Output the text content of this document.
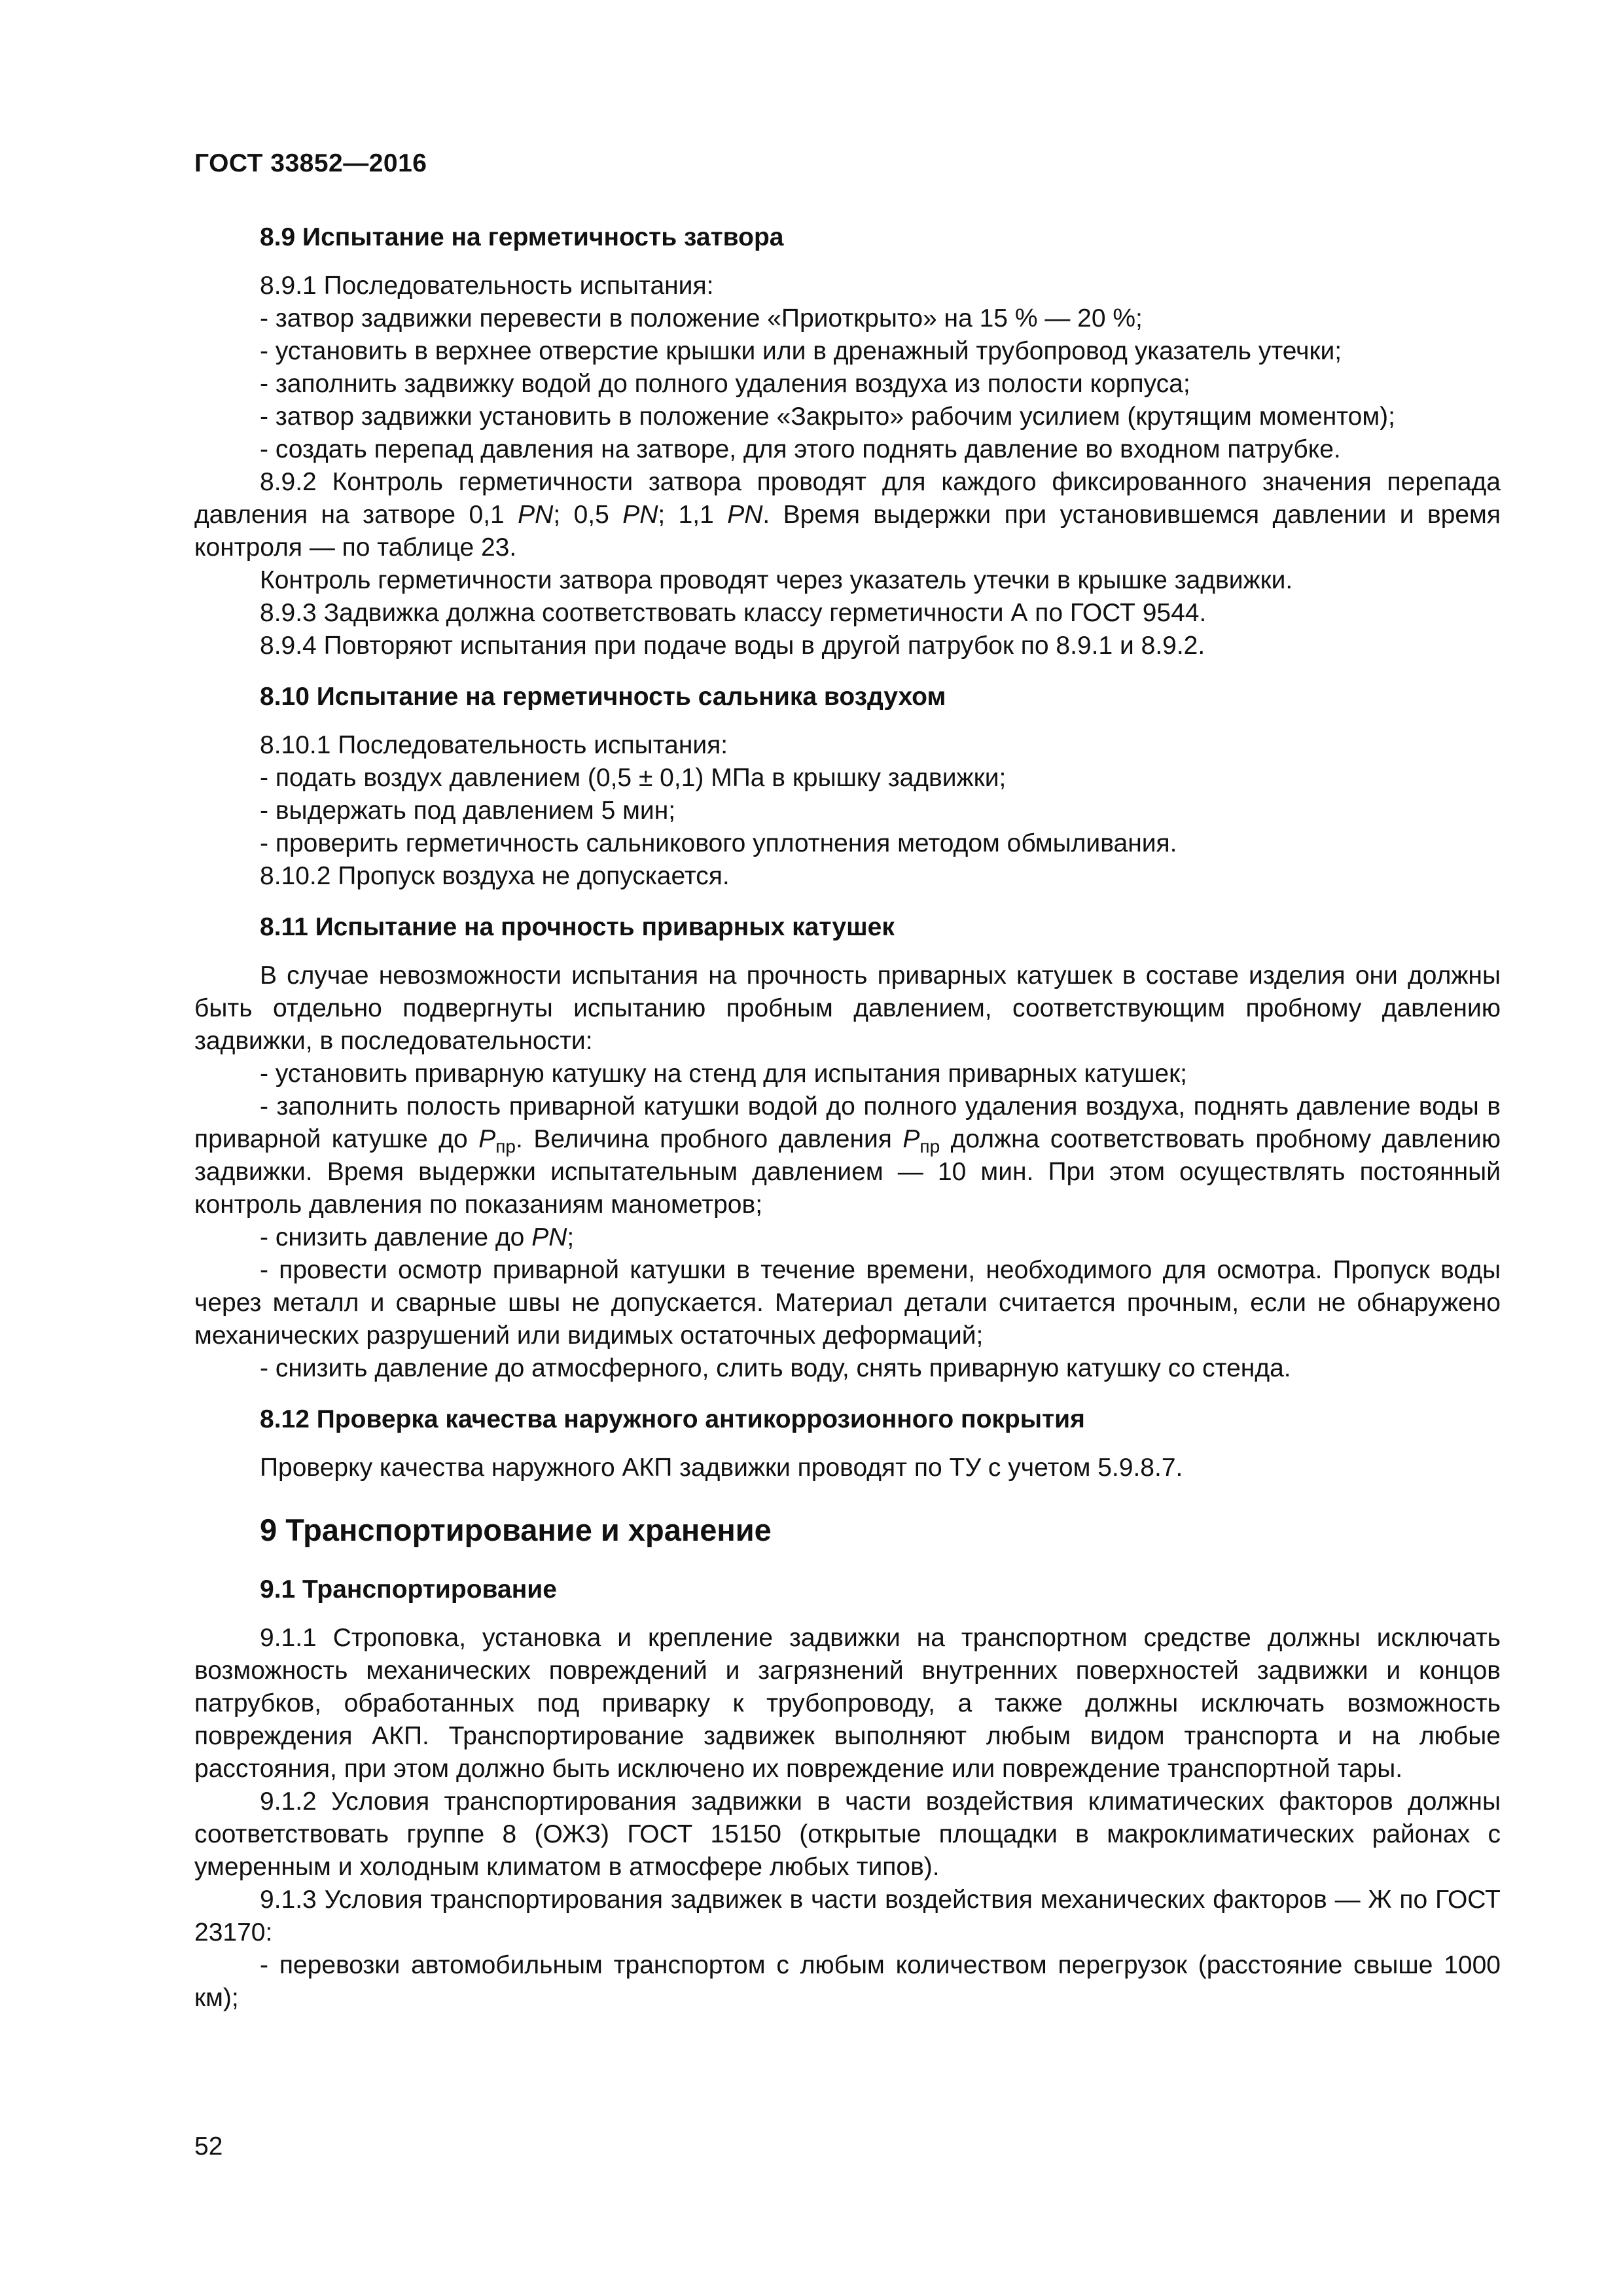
ГОСТ 33852—2016
8.9 Испытание на герметичность затвора
8.9.1 Последовательность испытания:
- затвор задвижки перевести в положение «Приоткрыто» на 15 % — 20 %;
- установить в верхнее отверстие крышки или в дренажный трубопровод указатель утечки;
- заполнить задвижку водой до полного удаления воздуха из полости корпуса;
- затвор задвижки установить в положение «Закрыто» рабочим усилием (крутящим моментом);
- создать перепад давления на затворе, для этого поднять давление во входном патрубке.
8.9.2 Контроль герметичности затвора проводят для каждого фиксированного значения перепада давления на затворе 0,1 PN; 0,5 PN; 1,1 PN. Время выдержки при установившемся давлении и время контроля — по таблице 23.
Контроль герметичности затвора проводят через указатель утечки в крышке задвижки.
8.9.3 Задвижка должна соответствовать классу герметичности А по ГОСТ 9544.
8.9.4 Повторяют испытания при подаче воды в другой патрубок по 8.9.1 и 8.9.2.
8.10 Испытание на герметичность сальника воздухом
8.10.1 Последовательность испытания:
- подать воздух давлением (0,5 ± 0,1) МПа в крышку задвижки;
- выдержать под давлением 5 мин;
- проверить герметичность сальникового уплотнения методом обмыливания.
8.10.2 Пропуск воздуха не допускается.
8.11 Испытание на прочность приварных катушек
В случае невозможности испытания на прочность приварных катушек в составе изделия они должны быть отдельно подвергнуты испытанию пробным давлением, соответствующим пробному давлению задвижки, в последовательности:
- установить приварную катушку на стенд для испытания приварных катушек;
- заполнить полость приварной катушки водой до полного удаления воздуха, поднять давление воды в приварной катушке до $P_{пр}$. Величина пробного давления $P_{пр}$ должна соответствовать пробному давлению задвижки. Время выдержки испытательным давлением — 10 мин. При этом осуществлять постоянный контроль давления по показаниям манометров;
- снизить давление до PN;
- провести осмотр приварной катушки в течение времени, необходимого для осмотра. Пропуск воды через металл и сварные швы не допускается. Материал детали считается прочным, если не обнаружено механических разрушений или видимых остаточных деформаций;
- снизить давление до атмосферного, слить воду, снять приварную катушку со стенда.
8.12 Проверка качества наружного антикоррозионного покрытия
Проверку качества наружного АКП задвижки проводят по ТУ с учетом 5.9.8.7.
9 Транспортирование и хранение
9.1 Транспортирование
9.1.1 Строповка, установка и крепление задвижки на транспортном средстве должны исключать возможность механических повреждений и загрязнений внутренних поверхностей задвижки и концов патрубков, обработанных под приварку к трубопроводу, а также должны исключать возможность повреждения АКП. Транспортирование задвижек выполняют любым видом транспорта и на любые расстояния, при этом должно быть исключено их повреждение или повреждение транспортной тары.
9.1.2 Условия транспортирования задвижки в части воздействия климатических факторов должны соответствовать группе 8 (ОЖЗ) ГОСТ 15150 (открытые площадки в макроклиматических районах с умеренным и холодным климатом в атмосфере любых типов).
9.1.3 Условия транспортирования задвижек в части воздействия механических факторов — Ж по ГОСТ 23170:
- перевозки автомобильным транспортом с любым количеством перегрузок (расстояние свыше 1000 км);
52
